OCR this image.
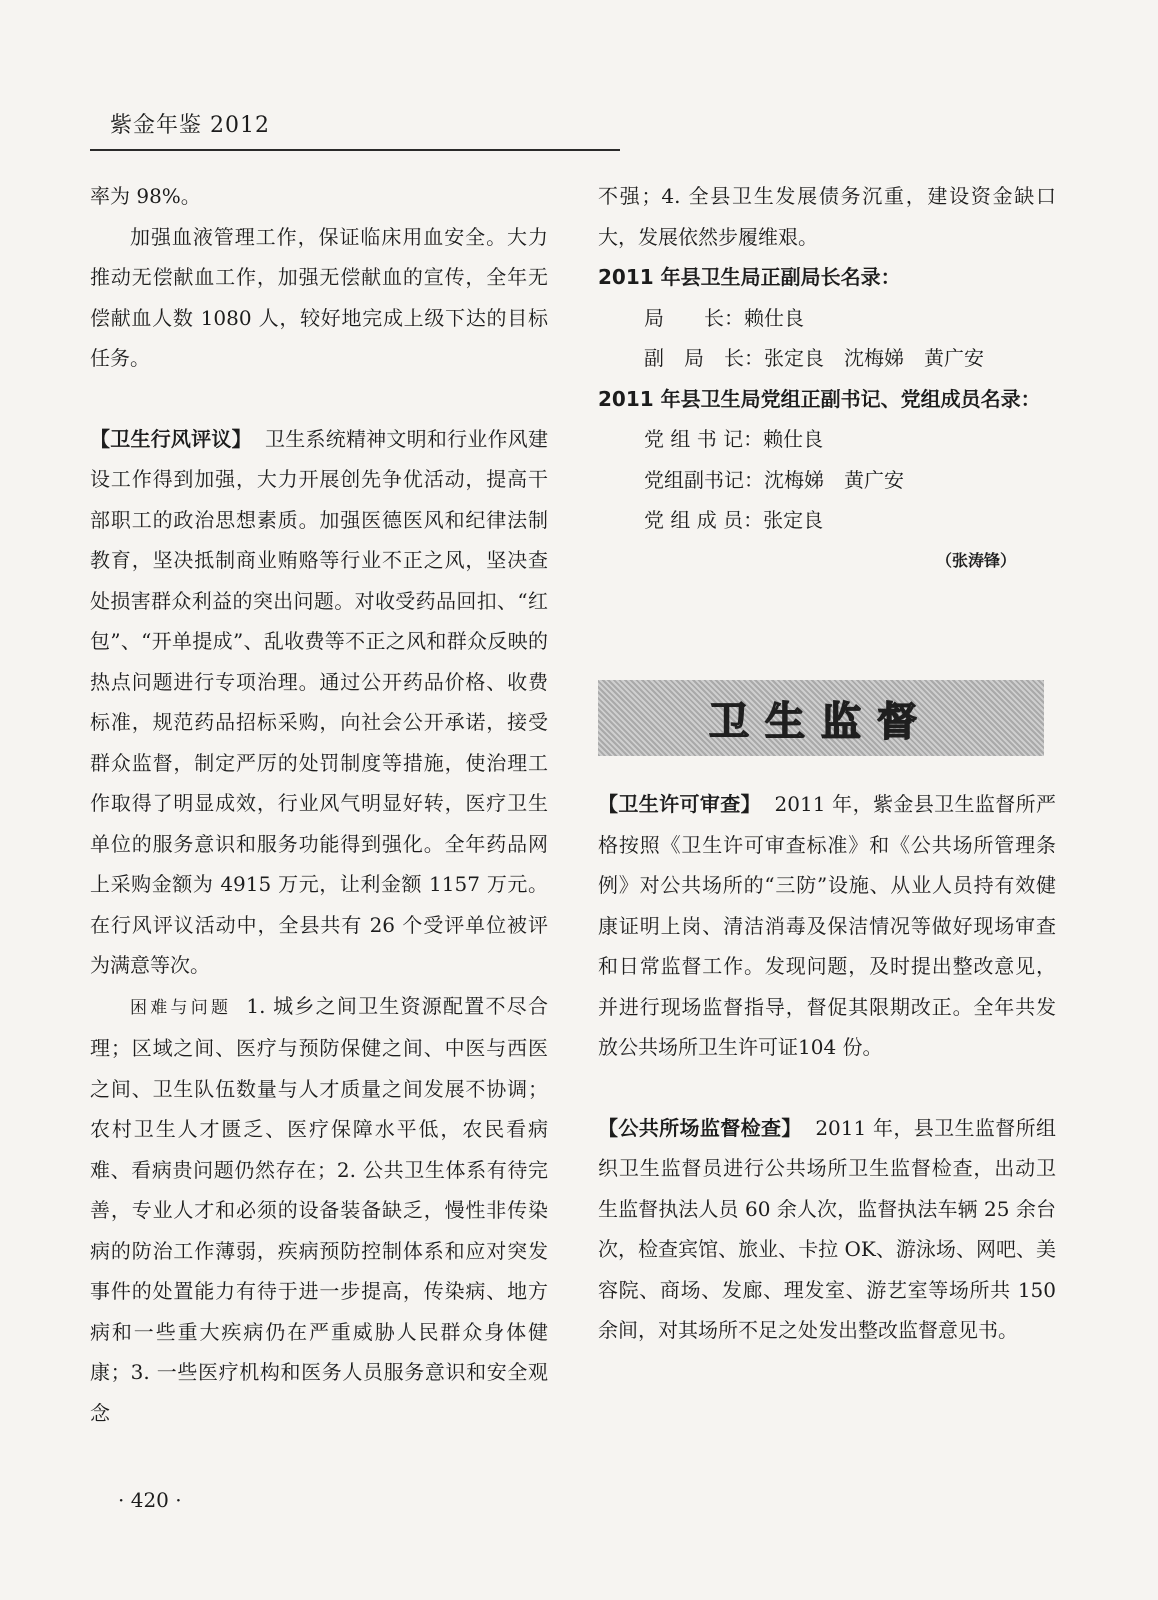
紫金年鉴 2012

率为 98%。

加强血液管理工作，保证临床用血安全。大力推动无偿献血工作，加强无偿献血的宣传，全年无偿献血人数 1080 人，较好地完成上级下达的目标任务。

【卫生行风评议】 卫生系统精神文明和行业作风建设工作得到加强，大力开展创先争优活动，提高干部职工的政治思想素质。加强医德医风和纪律法制教育，坚决抵制商业贿赂等行业不正之风，坚决查处损害群众利益的突出问题。对收受药品回扣、“红包”、“开单提成”、乱收费等不正之风和群众反映的热点问题进行专项治理。通过公开药品价格、收费标准，规范药品招标采购，向社会公开承诺，接受群众监督，制定严厉的处罚制度等措施，使治理工作取得了明显成效，行业风气明显好转，医疗卫生单位的服务意识和服务功能得到强化。全年药品网上采购金额为 4915 万元，让利金额 1157 万元。在行风评议活动中，全县共有 26 个受评单位被评为满意等次。

困难与问题 1. 城乡之间卫生资源配置不尽合理；区域之间、医疗与预防保健之间、中医与西医之间、卫生队伍数量与人才质量之间发展不协调；农村卫生人才匮乏、医疗保障水平低，农民看病难、看病贵问题仍然存在；2. 公共卫生体系有待完善，专业人才和必须的设备装备缺乏，慢性非传染病的防治工作薄弱，疾病预防控制体系和应对突发事件的处置能力有待于进一步提高，传染病、地方病和一些重大疾病仍在严重威胁人民群众身体健康；3. 一些医疗机构和医务人员服务意识和安全观念

不强；4. 全县卫生发展债务沉重，建设资金缺口大，发展依然步履维艰。

2011 年县卫生局正副局长名录：

局　　长：赖仕良
副　局　长：张定良　沈梅娣　黄广安

2011 年县卫生局党组正副书记、党组成员名录：

党 组 书 记：赖仕良
党组副书记：沈梅娣　黄广安
党 组 成 员：张定良

（张涛锋）

卫生监督

【卫生许可审查】 2011 年，紫金县卫生监督所严格按照《卫生许可审查标准》和《公共场所管理条例》对公共场所的“三防”设施、从业人员持有效健康证明上岗、清洁消毒及保洁情况等做好现场审查和日常监督工作。发现问题，及时提出整改意见，并进行现场监督指导，督促其限期改正。全年共发放公共场所卫生许可证104 份。

【公共所场监督检查】 2011 年，县卫生监督所组织卫生监督员进行公共场所卫生监督检查，出动卫生监督执法人员 60 余人次，监督执法车辆 25 余台次，检查宾馆、旅业、卡拉 OK、游泳场、网吧、美容院、商场、发廊、理发室、游艺室等场所共 150 余间，对其场所不足之处发出整改监督意见书。

· 420 ·
